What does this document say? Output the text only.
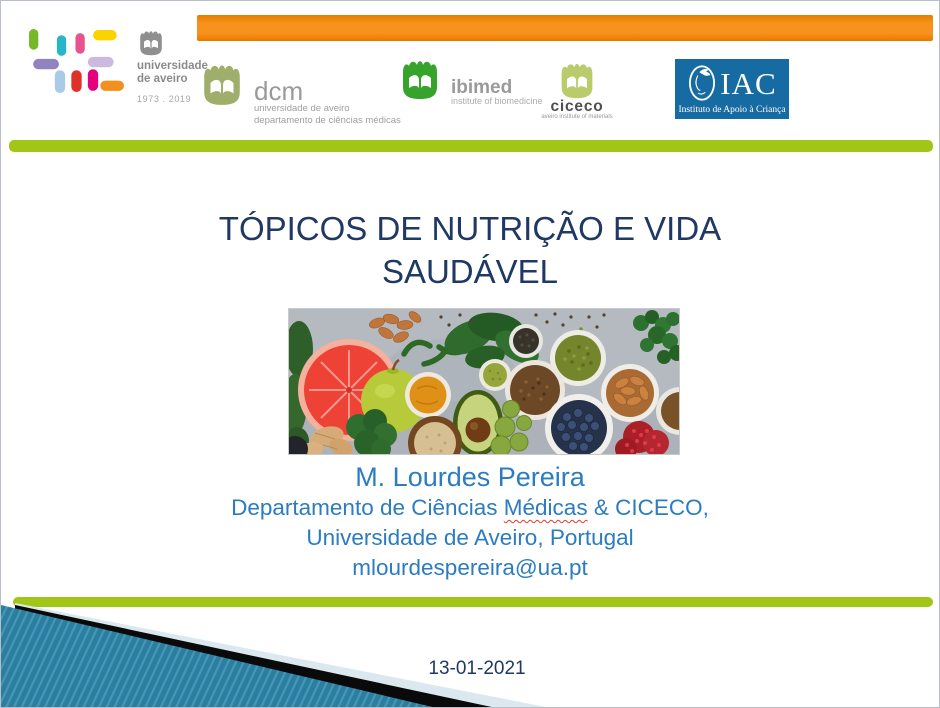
universidade
de aveiro
1973 . 2019	dcm
universidade de aveiro
departamento de ciências médicas
ibimed
institute of biomedicine ciceco
aveiro institute of materials
IAC
Instituto de Apoio à Criança
TÓPICOS DE NUTRIÇÃO E VIDA
SAUDÁVEL
M. Lourdes Pereira
Departamento de Ciências Médicas & CICECO,
Universidade de Aveiro, Portugal
mlourdespereira@ua.pt
13-01-2021
